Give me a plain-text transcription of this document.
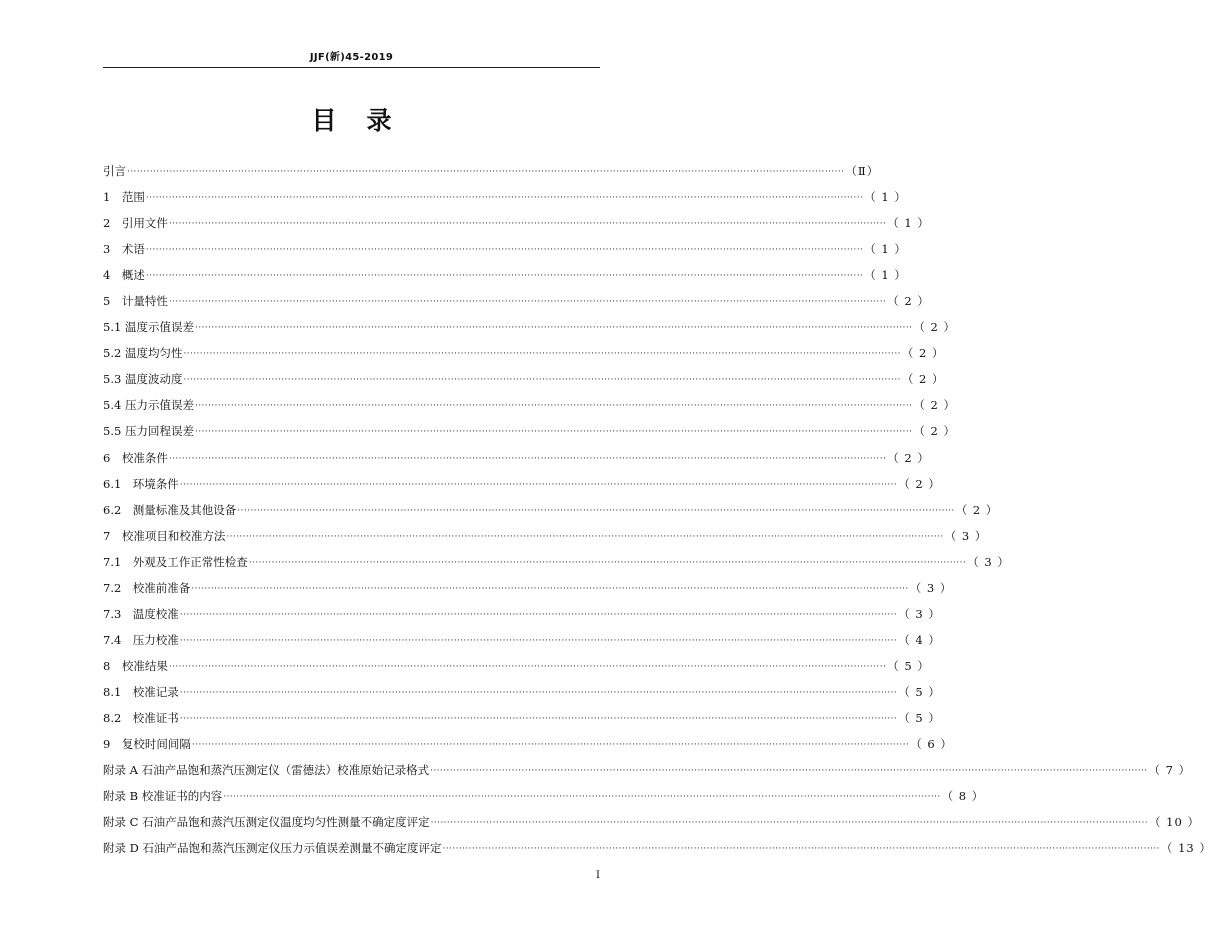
JJF(新)45-2019
目录
引言 ···························································································································································································································· （Ⅱ）
1　范围 ···························································································································································································································· （ 1 ）
2　引用文件 ···························································································································································································································· （ 1 ）
3　术语 ···························································································································································································································· （ 1 ）
4　概述 ···························································································································································································································· （ 1 ）
5　计量特性 ···························································································································································································································· （ 2 ）
5.1 温度示值误差 ···························································································································································································································· （ 2 ）
5.2 温度均匀性 ···························································································································································································································· （ 2 ）
5.3 温度波动度 ···························································································································································································································· （ 2 ）
5.4 压力示值误差 ···························································································································································································································· （ 2 ）
5.5 压力回程误差 ···························································································································································································································· （ 2 ）
6　校准条件 ···························································································································································································································· （ 2 ）
6.1　环境条件 ···························································································································································································································· （ 2 ）
6.2　测量标准及其他设备 ···························································································································································································································· （ 2 ）
7　校准项目和校准方法 ···························································································································································································································· （ 3 ）
7.1　外观及工作正常性检查 ···························································································································································································································· （ 3 ）
7.2　校准前准备 ···························································································································································································································· （ 3 ）
7.3　温度校准 ···························································································································································································································· （ 3 ）
7.4　压力校准 ···························································································································································································································· （ 4 ）
8　校准结果 ···························································································································································································································· （ 5 ）
8.1　校准记录 ···························································································································································································································· （ 5 ）
8.2　校准证书 ···························································································································································································································· （ 5 ）
9　复校时间间隔 ···························································································································································································································· （ 6 ）
附录 A 石油产品饱和蒸汽压测定仪（雷德法）校准原始记录格式 ···························································································································································································································· （ 7 ）
附录 B 校准证书的内容 ···························································································································································································································· （ 8 ）
附录 C 石油产品饱和蒸汽压测定仪温度均匀性测量不确定度评定 ···························································································································································································································· （ 10 ）
附录 D 石油产品饱和蒸汽压测定仪压力示值误差测量不确定度评定 ···························································································································································································································· （ 13 ）
I
